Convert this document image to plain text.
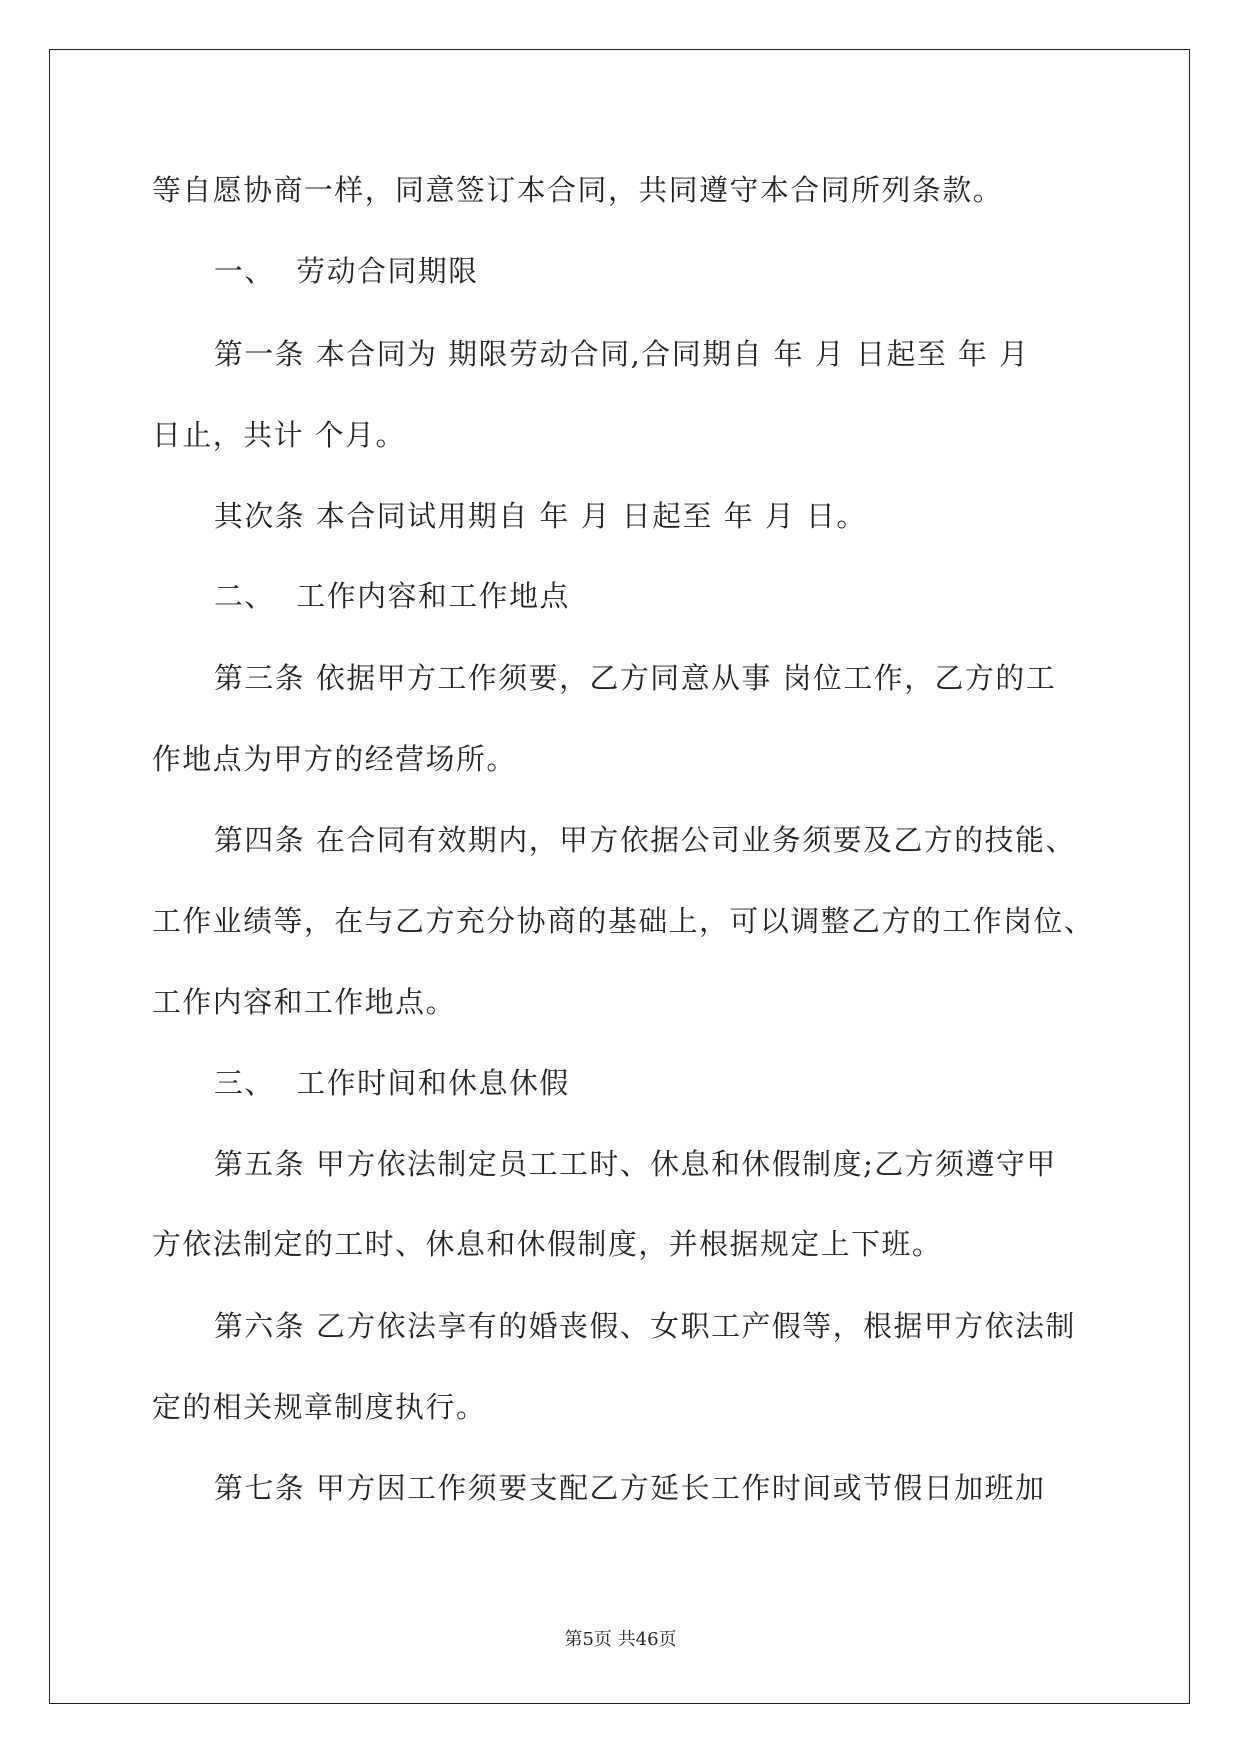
等自愿协商一样，同意签订本合同，共同遵守本合同所列条款。

一、  劳动合同期限

第一条 本合同为 期限劳动合同,合同期自 年 月 日起至 年 月

日止，共计 个月。

其次条 本合同试用期自 年 月 日起至 年 月 日。

二、  工作内容和工作地点

第三条 依据甲方工作须要，乙方同意从事 岗位工作，乙方的工

作地点为甲方的经营场所。

第四条 在合同有效期内，甲方依据公司业务须要及乙方的技能、

工作业绩等，在与乙方充分协商的基础上，可以调整乙方的工作岗位、

工作内容和工作地点。

三、  工作时间和休息休假

第五条 甲方依法制定员工工时、休息和休假制度;乙方须遵守甲

方依法制定的工时、休息和休假制度，并根据规定上下班。

第六条 乙方依法享有的婚丧假、女职工产假等，根据甲方依法制

定的相关规章制度执行。

第七条 甲方因工作须要支配乙方延长工作时间或节假日加班加

第5页 共46页
